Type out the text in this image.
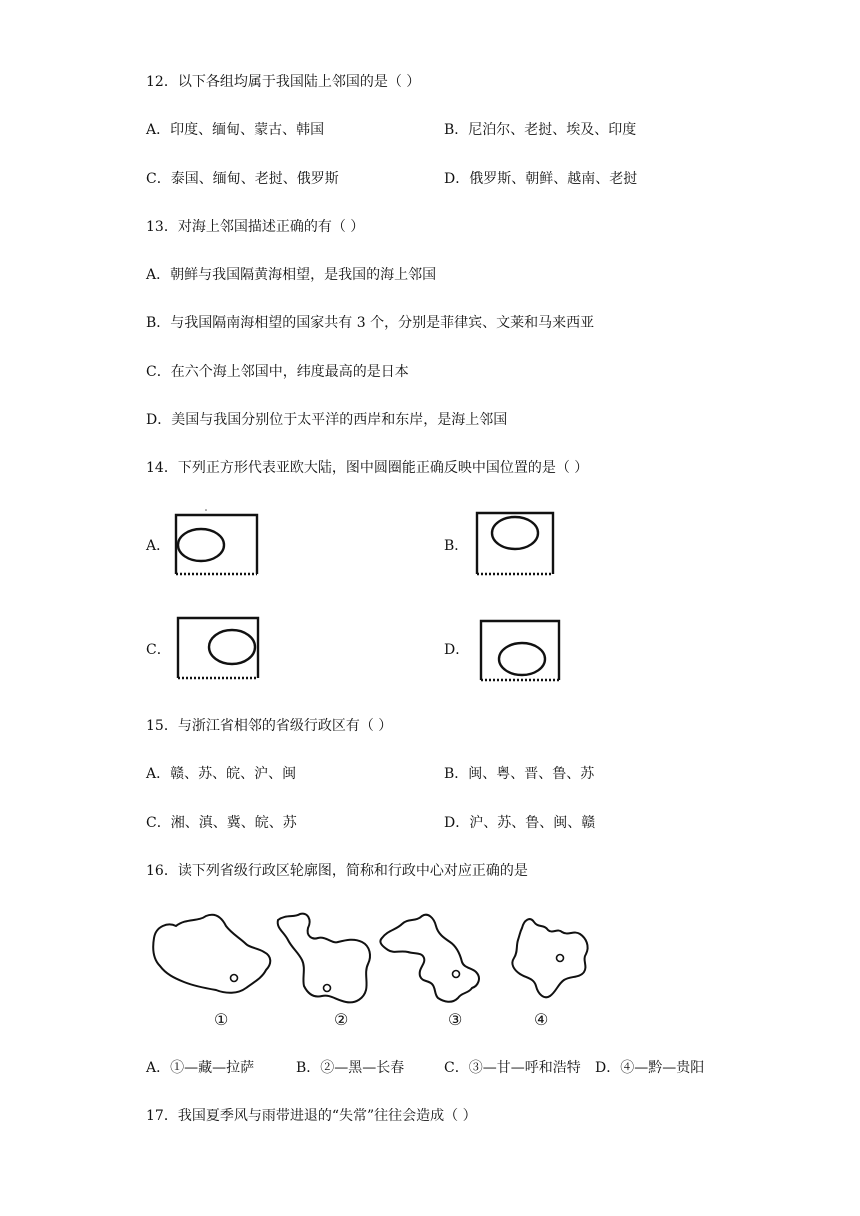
12．以下各组均属于我国陆上邻国的是（ ）
A．印度、缅甸、蒙古、韩国	B．尼泊尔、老挝、埃及、印度
C．泰国、缅甸、老挝、俄罗斯	D．俄罗斯、朝鲜、越南、老挝
13．对海上邻国描述正确的有（ ）
A．朝鲜与我国隔黄海相望，是我国的海上邻国
B．与我国隔南海相望的国家共有 3 个，分别是菲律宾、文莱和马来西亚
C．在六个海上邻国中，纬度最高的是日本
D．美国与我国分别位于太平洋的西岸和东岸，是海上邻国
14．下列正方形代表亚欧大陆，图中圆圈能正确反映中国位置的是（ ）
A．	B．
C．	D．
15．与浙江省相邻的省级行政区有（ ）
A．赣、苏、皖、沪、闽	B．闽、粤、晋、鲁、苏
C．湘、滇、冀、皖、苏	D．沪、苏、鲁、闽、赣
16．读下列省级行政区轮廓图，简称和行政中心对应正确的是
①	②	③	④
A．①—藏—拉萨	B．②—黑—长春	C．③—甘—呼和浩特 D．④—黔—贵阳
17．我国夏季风与雨带进退的“失常”往往会造成（ ）
